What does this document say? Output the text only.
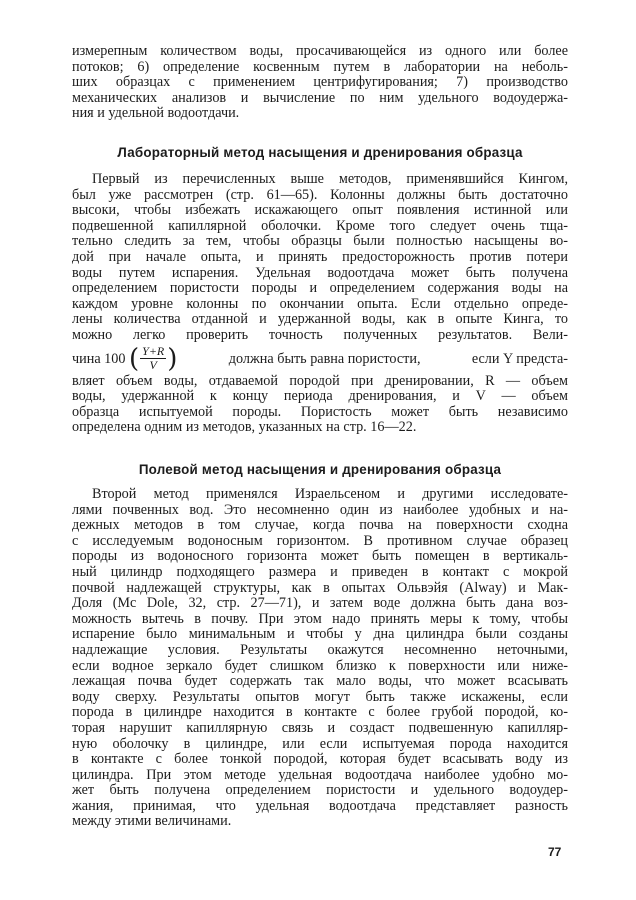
измерепным количеством воды, просачивающейся из одного или более
потоков; 6) определение косвенным путем в лаборатории на неболь-
ших образцах с применением центрифугирования; 7) производство
механических анализов и вычисление по ним удельного водоудержа-
ния и удельной водоотдачи.
Лабораторный метод насыщения и дренирования образца
Первый из перечисленных выше методов, применявшийся Кингом,
был уже рассмотрен (стр. 61—65). Колонны должны быть достаточно
высоки, чтобы избежать искажающего опыт появления истинной или
подвешенной капиллярной оболочки. Кроме того следует очень тща-
тельно следить за тем, чтобы образцы были полностью насыщены во-
дой при начале опыта, и принять предосторожность против потери
воды путем испарения. Удельная водоотдача может быть получена
определением пористости породы и определением содержания воды на
каждом уровне колонны по окончании опыта. Если отдельно опреде-
лены количества отданной и удержанной воды, как в опыте Кинга, то
можно легко проверить точность полученных результатов. Вели-
чина
100
( $\frac{Y+R}{V}$ )	должна быть равна пористости,	если Y предста-
вляет объем воды, отдаваемой породой при дренировании, R — объем
воды, удержанной к концу периода дренирования, и V — объем
образца испытуемой породы. Пористость может быть независимо
определена одним из методов, указанных на стр. 16—22.
Полевой метод насыщения и дренирования образца
Второй метод применялся Израельсеном и другими исследовате-
лями почвенных вод. Это несомненно один из наиболее удобных и на-
дежных методов в том случае, когда почва на поверхности сходна
с исследуемым водоносным горизонтом. В противном случае образец
породы из водоносного горизонта может быть помещен в вертикаль-
ный цилиндр подходящего размера и приведен в контакт с мокрой
почвой надлежащей структуры, как в опытах Ольвэйя (Alway) и Мак-
Доля (Mc Dole, 32, стр. 27—71), и затем воде должна быть дана воз-
можность вытечь в почву. При этом надо принять меры к тому, чтобы
испарение было минимальным и чтобы у дна цилиндра были созданы
надлежащие условия. Результаты окажутся несомненно неточными,
если водное зеркало будет слишком близко к поверхности или ниже-
лежащая почва будет содержать так мало воды, что может всасывать
воду сверху. Результаты опытов могут быть также искажены, если
порода в цилиндре находится в контакте с более грубой породой, ко-
торая нарушит капиллярную связь и создаст подвешенную капилляр-
ную оболочку в цилиндре, или если испытуемая порода находится
в контакте с более тонкой породой, которая будет всасывать воду из
цилиндра. При этом методе удельная водоотдача наиболее удобно мо-
жет быть получена определением пористости и удельного водоудер-
жания, принимая, что удельная водоотдача представляет разность
между этими величинами.
77
